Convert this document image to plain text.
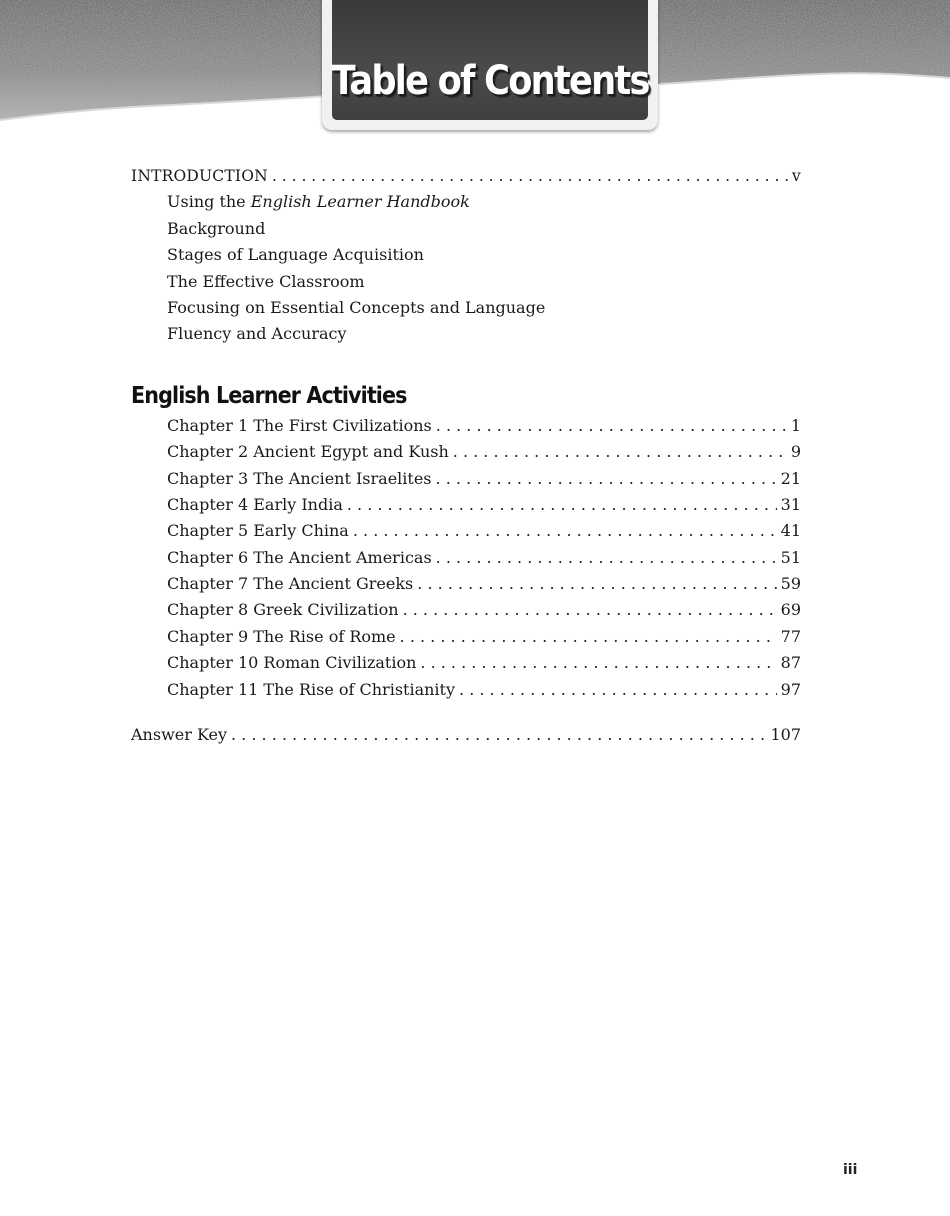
Table of Contents
INTRODUCTION . . .	v
Using the English Learner Handbook
Background
Stages of Language Acquisition
The Effective Classroom
Focusing on Essential Concepts and Language
Fluency and Accuracy
English Learner Activities
Chapter 1 The First Civilizations . . .	1
Chapter 2 Ancient Egypt and Kush . . .	9
Chapter 3 The Ancient Israelites . . .	21
Chapter 4 Early India . . .	31
Chapter 5 Early China . . .	41
Chapter 6 The Ancient Americas . . .	51
Chapter 7 The Ancient Greeks . . .	59
Chapter 8 Greek Civilization . . .	69
Chapter 9 The Rise of Rome . . .	77
Chapter 10 Roman Civilization . . .	87
Chapter 11 The Rise of Christianity . . .	97
Answer Key . . .	107
iii
